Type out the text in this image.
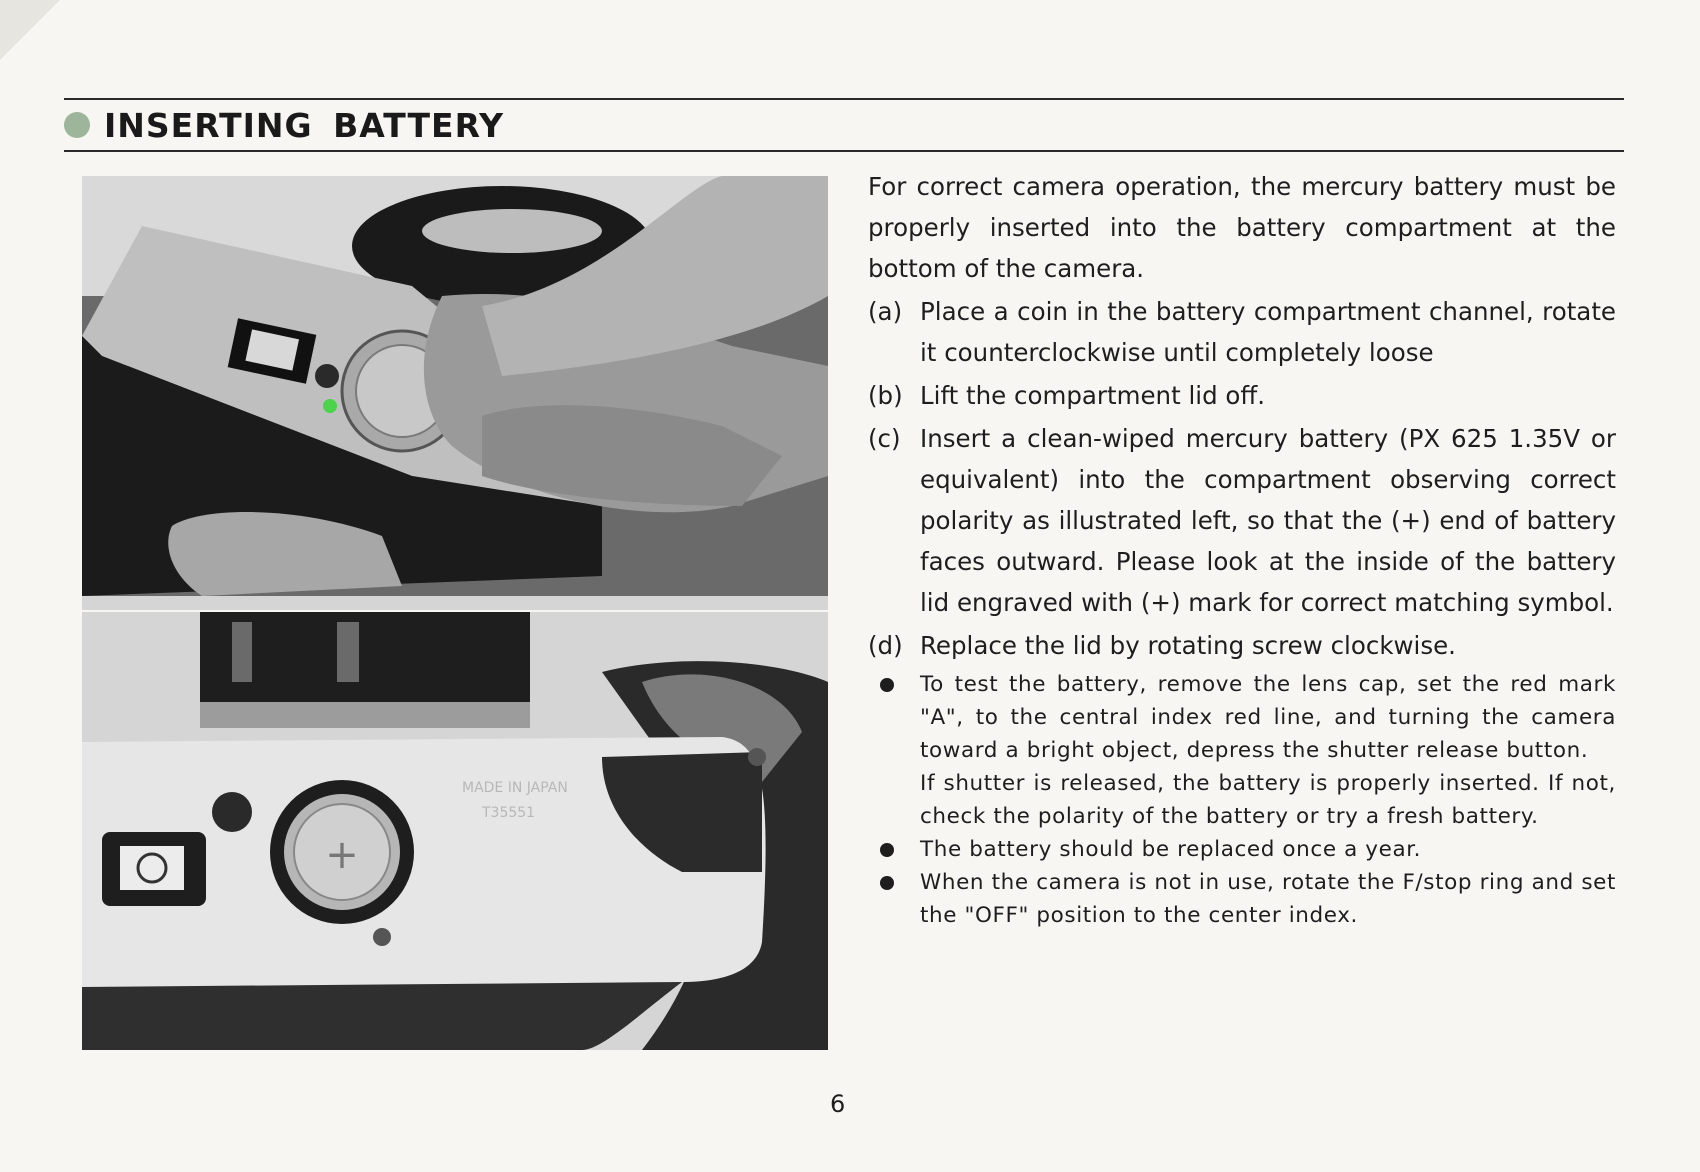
INSERTING BATTERY
+
MADE IN JAPAN
T35551

For correct camera operation, the mercury battery must be properly inserted into the battery compartment at the bottom of the camera.

(a) Place a coin in the battery compartment channel, rotate it counterclockwise until completely loose
(b) Lift the compartment lid off.
(c) Insert a clean-wiped mercury battery (PX 625 1.35V or equivalent) into the compartment observing correct polarity as illustrated left, so that the (+) end of battery faces outward. Please look at the inside of the battery lid engraved with (+) mark for correct matching symbol.
(d) Replace the lid by rotating screw clockwise.

To test the battery, remove the lens cap, set the red mark "A", to the central index red line, and turning the camera toward a bright object, depress the shutter release button.

If shutter is released, the battery is properly inserted. If not, check the polarity of the battery or try a fresh battery.

The battery should be replaced once a year.

When the camera is not in use, rotate the F/stop ring and set the "OFF" position to the center index.

6
